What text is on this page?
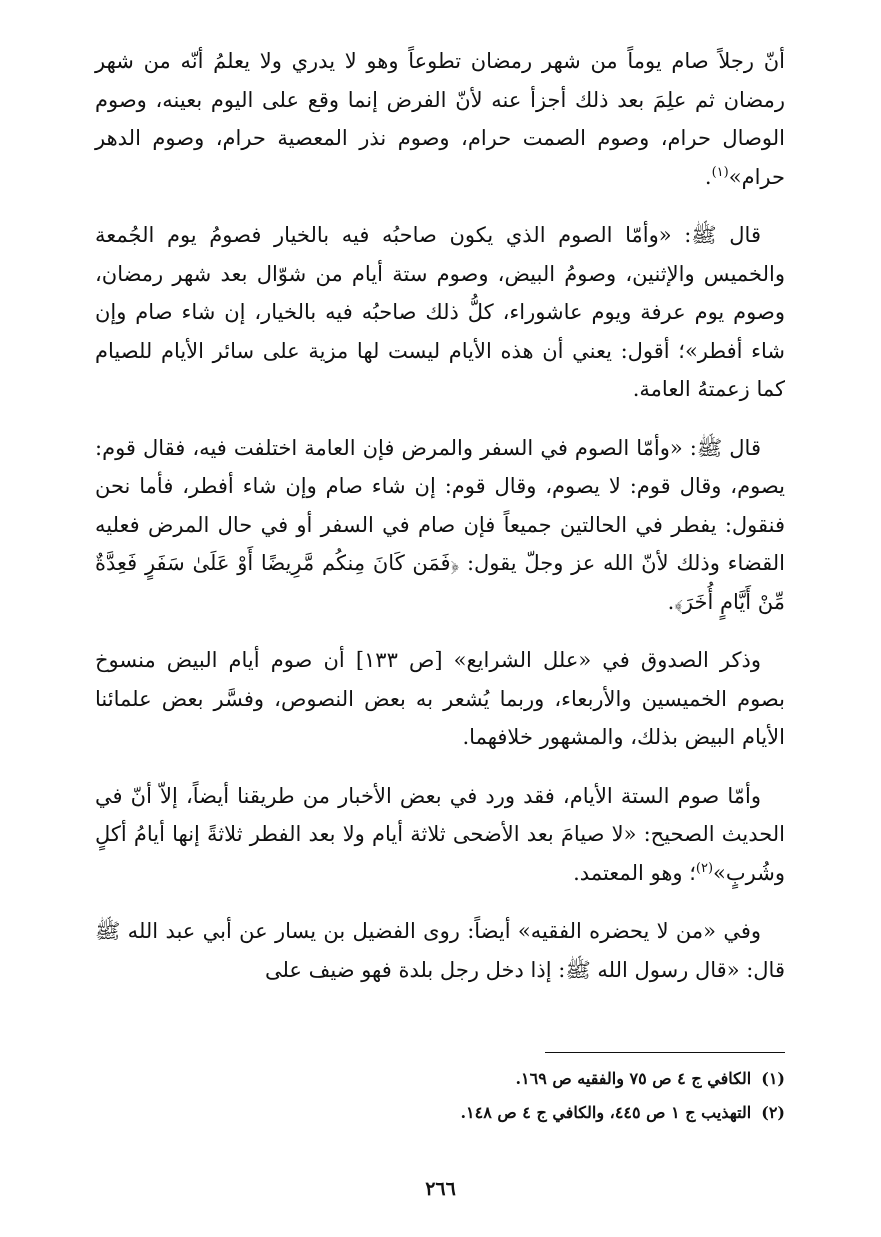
أنّ رجلاً صام يوماً من شهر رمضان تطوعاً وهو لا يدري ولا يعلمُ أنّه من شهر رمضان ثم علِمَ بعد ذلك أجزأ عنه لأنّ الفرض إنما وقع على اليوم بعينه، وصوم الوصال حرام، وصوم الصمت حرام، وصوم نذر المعصية حرام، وصوم الدهر حرام»$^{(١)}$.

قال ﷺ: «وأمّا الصوم الذي يكون صاحبُه فيه بالخيار فصومُ يوم الجُمعة والخميس والإثنين، وصومُ البيض، وصوم ستة أيام من شوّال بعد شهر رمضان، وصوم يوم عرفة ويوم عاشوراء، كلُّ ذلك صاحبُه فيه بالخيار، إن شاء صام وإن شاء أفطر»؛ أقول: يعني أن هذه الأيام ليست لها مزية على سائر الأيام للصيام كما زعمتهُ العامة.

قال ﷺ: «وأمّا الصوم في السفر والمرض فإن العامة اختلفت فيه، فقال قوم: يصوم، وقال قوم: لا يصوم، وقال قوم: إن شاء صام وإن شاء أفطر، فأما نحن فنقول: يفطر في الحالتين جميعاً فإن صام في السفر أو في حال المرض فعليه القضاء وذلك لأنّ الله عز وجلّ يقول: ﴿فَمَن كَانَ مِنكُم مَّرِيضًا أَوْ عَلَىٰ سَفَرٍ فَعِدَّةٌ مِّنْ أَيَّامٍ أُخَرَ﴾.

وذكر الصدوق في «علل الشرايع» [ص ١٣٣] أن صوم أيام البيض منسوخ بصوم الخميسين والأربعاء، وربما يُشعر به بعض النصوص، وفسَّر بعض علمائنا الأيام البيض بذلك، والمشهور خلافهما.

وأمّا صوم الستة الأيام، فقد ورد في بعض الأخبار من طريقنا أيضاً، إلاّ أنّ في الحديث الصحيح: «لا صيامَ بعد الأضحى ثلاثة أيام ولا بعد الفطر ثلاثةً إنها أيامُ أكلٍ وشُربٍ»$^{(٢)}$؛ وهو المعتمد.

وفي «من لا يحضره الفقيه» أيضاً: روى الفضيل بن يسار عن أبي عبد الله ﷺ قال: «قال رسول الله ﷺ: إذا دخل رجل بلدة فهو ضيف على

(١)الكافي ج ٤ ص ٧٥ والفقيه ص ١٦٩.
(٢)التهذيب ج ١ ص ٤٤٥، والكافي ج ٤ ص ١٤٨.
٢٦٦
